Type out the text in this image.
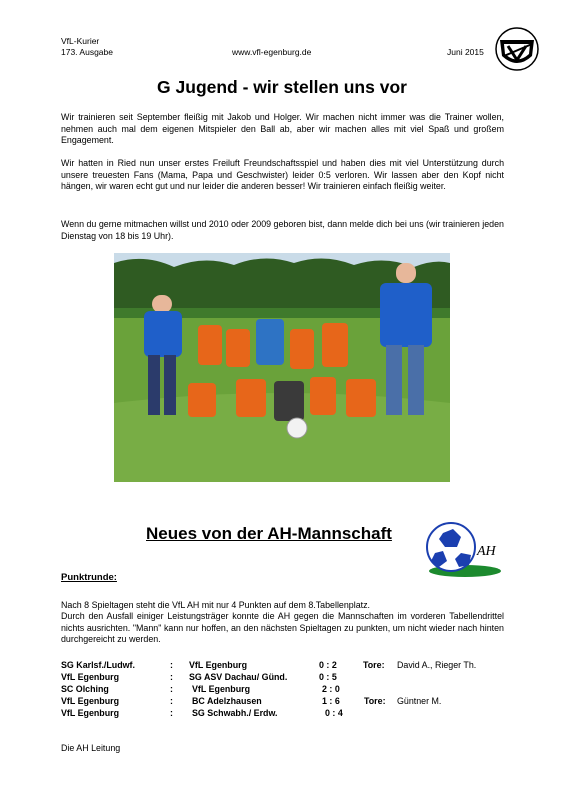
VfL-Kurier
173. Ausgabe	www.vfl-egenburg.de	Juni 2015
G Jugend - wir stellen uns vor
Wir trainieren seit September fleißig mit Jakob und Holger. Wir machen nicht immer was die Trainer wollen, nehmen auch mal dem eigenen Mitspieler den Ball ab, aber wir machen alles mit viel Spaß und großem Engagement.
Wir hatten in Ried nun unser erstes Freiluft Freundschaftsspiel und haben dies mit viel Unterstützung durch unsere treuesten Fans (Mama, Papa und Geschwister) leider 0:5 verloren. Wir lassen aber den Kopf nicht hängen, wir waren echt gut und nur leider die anderen besser! Wir trainieren einfach fleißig weiter.
Wenn du gerne mitmachen willst und 2010 oder 2009 geboren bist, dann melde dich bei uns (wir trainieren jeden Dienstag von 18 bis 19 Uhr).
Neues von der AH-Mannschaft
AH
Punktrunde:
Nach 8 Spieltagen steht die VfL AH mit nur 4 Punkten auf dem 8.Tabellenplatz.
Durch den Ausfall einiger Leistungsträger konnte die AH gegen die Mannschaften im vorderen Tabellendrittel nichts ausrichten. "Mann" kann nur hoffen, an den nächsten Spieltagen zu punkten, um nicht wieder nach hinten durchgereicht zu werden.
SG Karlsf./Ludwf.	: VfL Egenburg	0 : 2	Tore: David A., Rieger Th.
VfL Egenburg	: SG ASV Dachau/ Günd.	0 : 5
SC Olching	: VfL Egenburg	2 : 0
VfL Egenburg	: BC Adelzhausen	1 : 6	Tore: Güntner M.
VfL Egenburg	: SG Schwabh./ Erdw.	0 : 4
Die AH Leitung
